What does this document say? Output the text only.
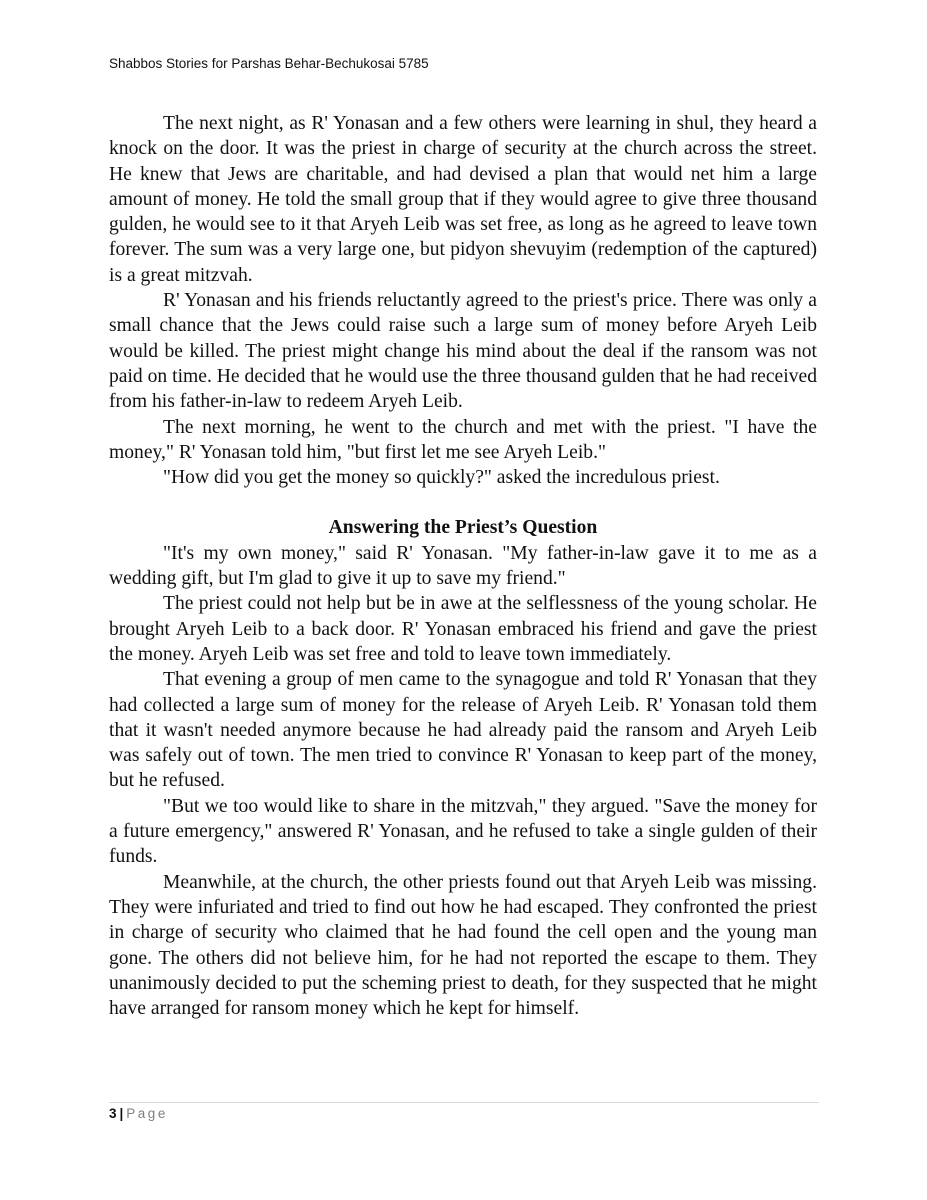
Shabbos Stories for Parshas Behar-Bechukosai 5785

The next night, as R' Yonasan and a few others were learning in shul, they heard a knock on the door. It was the priest in charge of security at the church across the street. He knew that Jews are charitable, and had devised a plan that would net him a large amount of money. He told the small group that if they would agree to give three thousand gulden, he would see to it that Aryeh Leib was set free, as long as he agreed to leave town forever. The sum was a very large one, but pidyon shevuyim (redemption of the captured) is a great mitzvah.

R' Yonasan and his friends reluctantly agreed to the priest's price. There was only a small chance that the Jews could raise such a large sum of money before Aryeh Leib would be killed. The priest might change his mind about the deal if the ransom was not paid on time. He decided that he would use the three thousand gulden that he had received from his father-in-law to redeem Aryeh Leib.

The next morning, he went to the church and met with the priest. "I have the money," R' Yonasan told him, "but first let me see Aryeh Leib."

"How did you get the money so quickly?" asked the incredulous priest.

Answering the Priest’s Question

"It's my own money," said R' Yonasan. "My father-in-law gave it to me as a wedding gift, but I'm glad to give it up to save my friend."

The priest could not help but be in awe at the selflessness of the young scholar. He brought Aryeh Leib to a back door. R' Yonasan embraced his friend and gave the priest the money. Aryeh Leib was set free and told to leave town immediately.

That evening a group of men came to the synagogue and told R' Yonasan that they had collected a large sum of money for the release of Aryeh Leib. R' Yonasan told them that it wasn't needed anymore because he had already paid the ransom and Aryeh Leib was safely out of town. The men tried to convince R' Yonasan to keep part of the money, but he refused.

"But we too would like to share in the mitzvah," they argued. "Save the money for a future emergency," answered R' Yonasan, and he refused to take a single gulden of their funds.

Meanwhile, at the church, the other priests found out that Aryeh Leib was missing. They were infuriated and tried to find out how he had escaped. They confronted the priest in charge of security who claimed that he had found the cell open and the young man gone. The others did not believe him, for he had not reported the escape to them. They unanimously decided to put the scheming priest to death, for they suspected that he might have arranged for ransom money which he kept for himself.

3 | Page
